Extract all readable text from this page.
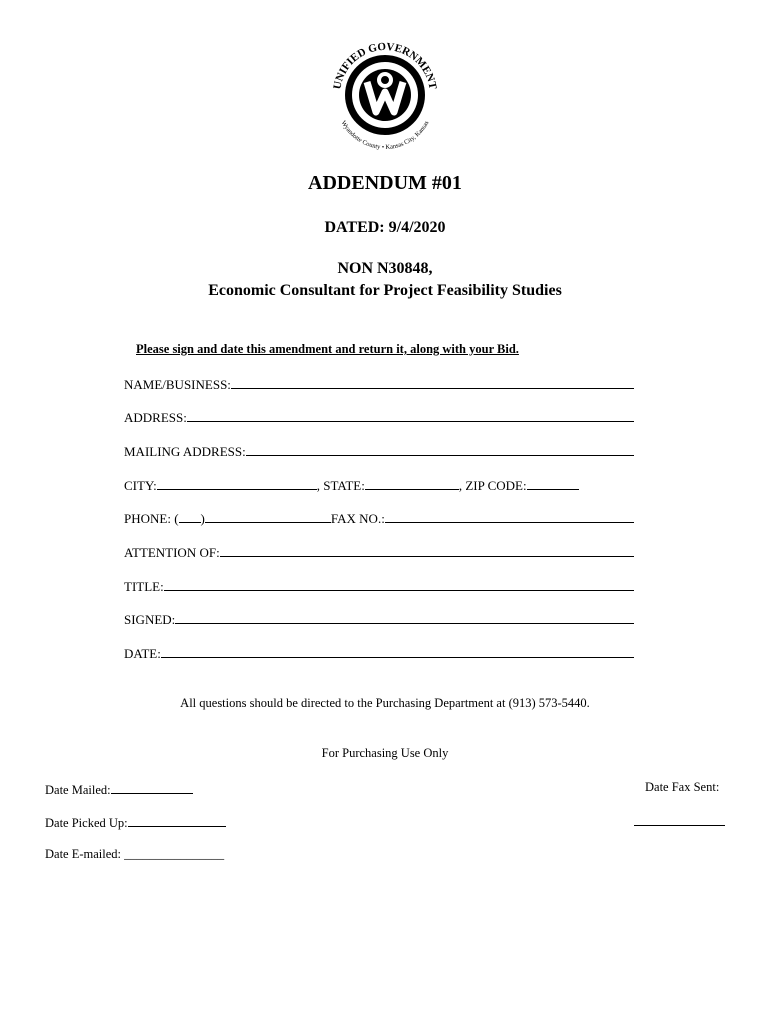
UNIFIED GOVERNMENT
Wyandotte County • Kansas City, Kansas
ADDENDUM #01
DATED: 9/4/2020
NON N30848,
Economic Consultant for Project Feasibility Studies
Please sign and date this amendment and return it, along with your Bid.
NAME/BUSINESS:
ADDRESS:
MAILING ADDRESS:
CITY:	, STATE:	, ZIP CODE:
PHONE: ( )	FAX NO.:
ATTENTION OF:
TITLE:
SIGNED:
DATE:
All questions should be directed to the Purchasing Department at (913) 573-5440.
For Purchasing Use Only
Date Mailed:
Date Picked Up:
Date E-mailed: ________________
Date Fax Sent:
